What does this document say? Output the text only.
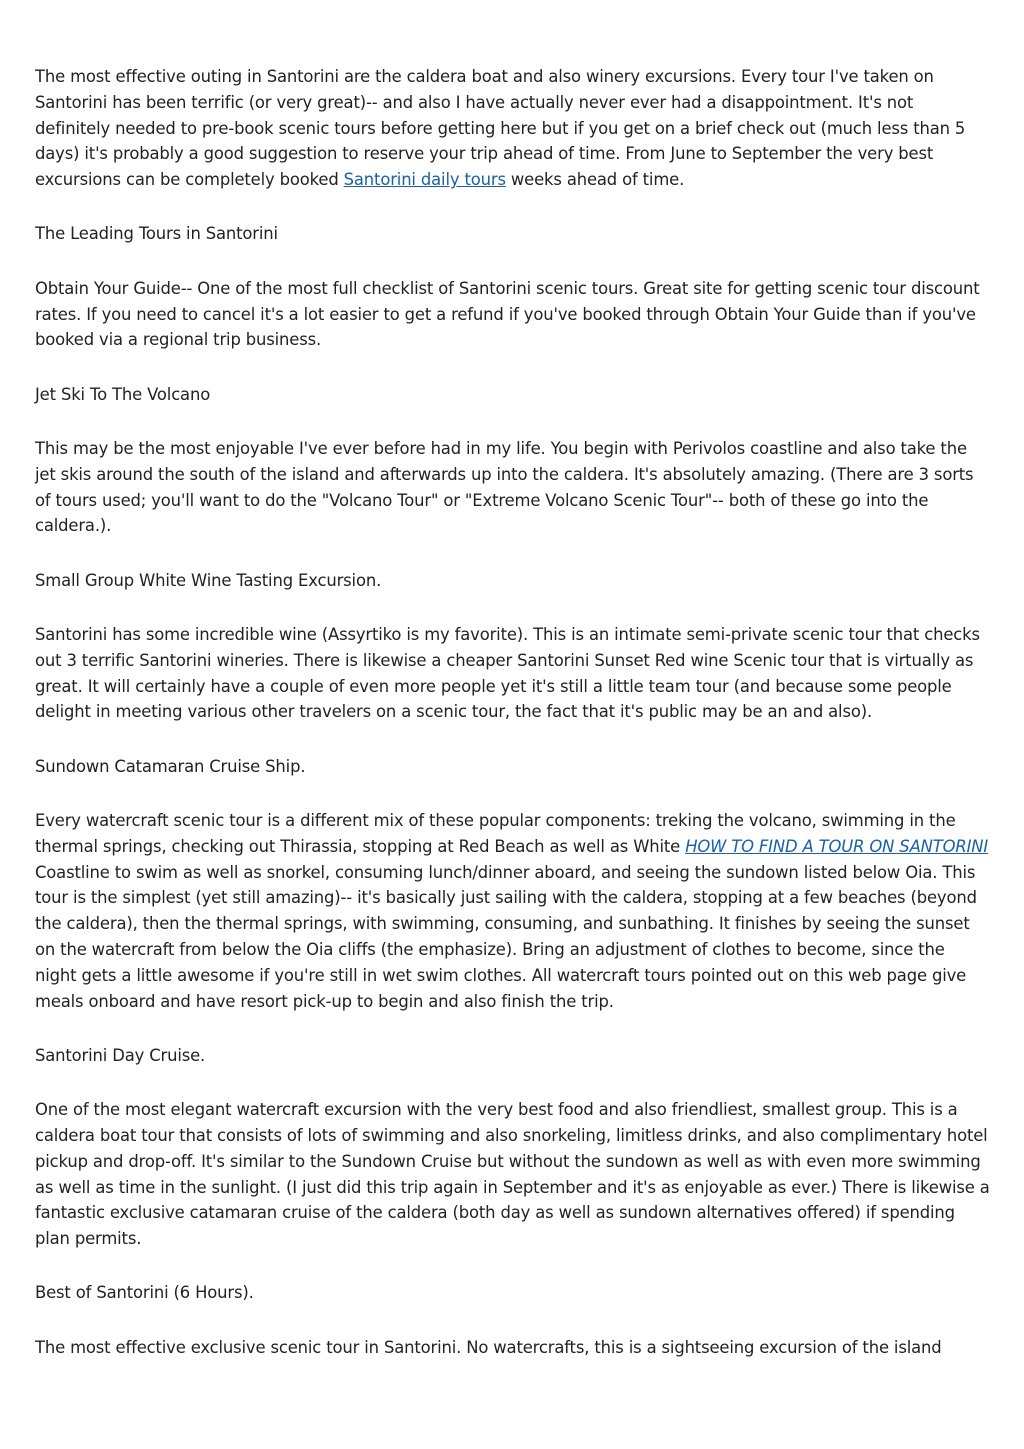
The most effective outing in Santorini are the caldera boat and also winery excursions. Every tour I've taken on Santorini has been terrific (or very great)-- and also I have actually never ever had a disappointment. It's not definitely needed to pre-book scenic tours before getting here but if you get on a brief check out (much less than 5 days) it's probably a good suggestion to reserve your trip ahead of time. From June to September the very best excursions can be completely booked Santorini daily tours weeks ahead of time.

The Leading Tours in Santorini

Obtain Your Guide-- One of the most full checklist of Santorini scenic tours. Great site for getting scenic tour discount rates. If you need to cancel it's a lot easier to get a refund if you've booked through Obtain Your Guide than if you've booked via a regional trip business.

Jet Ski To The Volcano

This may be the most enjoyable I've ever before had in my life. You begin with Perivolos coastline and also take the jet skis around the south of the island and afterwards up into the caldera. It's absolutely amazing. (There are 3 sorts of tours used; you'll want to do the "Volcano Tour" or "Extreme Volcano Scenic Tour"-- both of these go into the caldera.).

Small Group White Wine Tasting Excursion.

Santorini has some incredible wine (Assyrtiko is my favorite). This is an intimate semi-private scenic tour that checks out 3 terrific Santorini wineries. There is likewise a cheaper Santorini Sunset Red wine Scenic tour that is virtually as great. It will certainly have a couple of even more people yet it's still a little team tour (and because some people delight in meeting various other travelers on a scenic tour, the fact that it's public may be an and also).

Sundown Catamaran Cruise Ship.

Every watercraft scenic tour is a different mix of these popular components: treking the volcano, swimming in the thermal springs, checking out Thirassia, stopping at Red Beach as well as White HOW TO FIND A TOUR ON SANTORINI Coastline to swim as well as snorkel, consuming lunch/dinner aboard, and seeing the sundown listed below Oia. This tour is the simplest (yet still amazing)-- it's basically just sailing with the caldera, stopping at a few beaches (beyond the caldera), then the thermal springs, with swimming, consuming, and sunbathing. It finishes by seeing the sunset on the watercraft from below the Oia cliffs (the emphasize). Bring an adjustment of clothes to become, since the night gets a little awesome if you're still in wet swim clothes. All watercraft tours pointed out on this web page give meals onboard and have resort pick-up to begin and also finish the trip.

Santorini Day Cruise.

One of the most elegant watercraft excursion with the very best food and also friendliest, smallest group. This is a caldera boat tour that consists of lots of swimming and also snorkeling, limitless drinks, and also complimentary hotel pickup and drop-off. It's similar to the Sundown Cruise but without the sundown as well as with even more swimming as well as time in the sunlight. (I just did this trip again in September and it's as enjoyable as ever.) There is likewise a fantastic exclusive catamaran cruise of the caldera (both day as well as sundown alternatives offered) if spending plan permits.

Best of Santorini (6 Hours).

The most effective exclusive scenic tour in Santorini. No watercrafts, this is a sightseeing excursion of the island
